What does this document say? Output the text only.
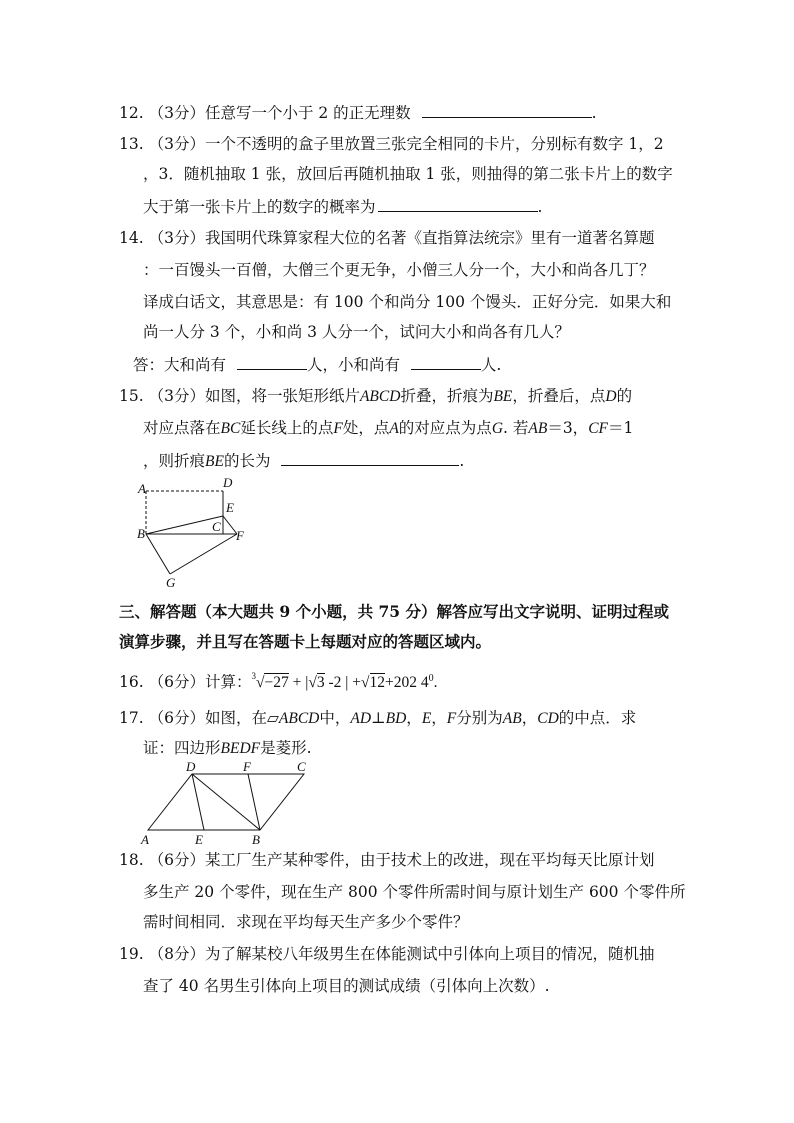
12. （3分）任意写一个小于 2 的正无理数	.
13. （3分）一个不透明的盒子里放置三张完全相同的卡片，分别标有数字 1，2
，3．随机抽取 1 张，放回后再随机抽取 1 张，则抽得的第二张卡片上的数字
大于第一张卡片上的数字的概率为	.
14. （3分）我国明代珠算家程大位的名著《直指算法统宗》里有一道著名算题
：一百馒头一百僧，大僧三个更无争，小僧三人分一个，大小和尚各几丁？
译成白话文，其意思是：有 100 个和尚分 100 个馒头．正好分完．如果大和
尚一人分 3 个，小和尚 3 人分一个，试问大小和尚各有几人？
答：大和尚有	人，小和尚有	人.
15. （3分）如图，将一张矩形纸片ABCD折叠，折痕为BE，折叠后，点D的
对应点落在BC延长线上的点F处，点A的对应点为点G. 若AB＝3，CF＝1
，则折痕BE的长为	.
A	D
E
C
B	F
G
三、解答题（本大题共 9 个小题，共 75 分）解答应写出文字说明、证明过程或
演算步骤，并且写在答题卡上每题对应的答题区域内。
16. （6分）计算：$^3$√−27 + |√3 -2 | +√12+202 $4^0$.
17. （6分）如图，在▱ABCD中，AD⊥BD，E，F分别为AB，CD的中点．求
证：四边形BEDF是菱形.
D	F	C
A	E	B
18. （6分）某工厂生产某种零件，由于技术上的改进，现在平均每天比原计划
多生产 20 个零件，现在生产 800 个零件所需时间与原计划生产 600 个零件所
需时间相同．求现在平均每天生产多少个零件？
19. （8分）为了解某校八年级男生在体能测试中引体向上项目的情况，随机抽
查了 40 名男生引体向上项目的测试成绩（引体向上次数）.
